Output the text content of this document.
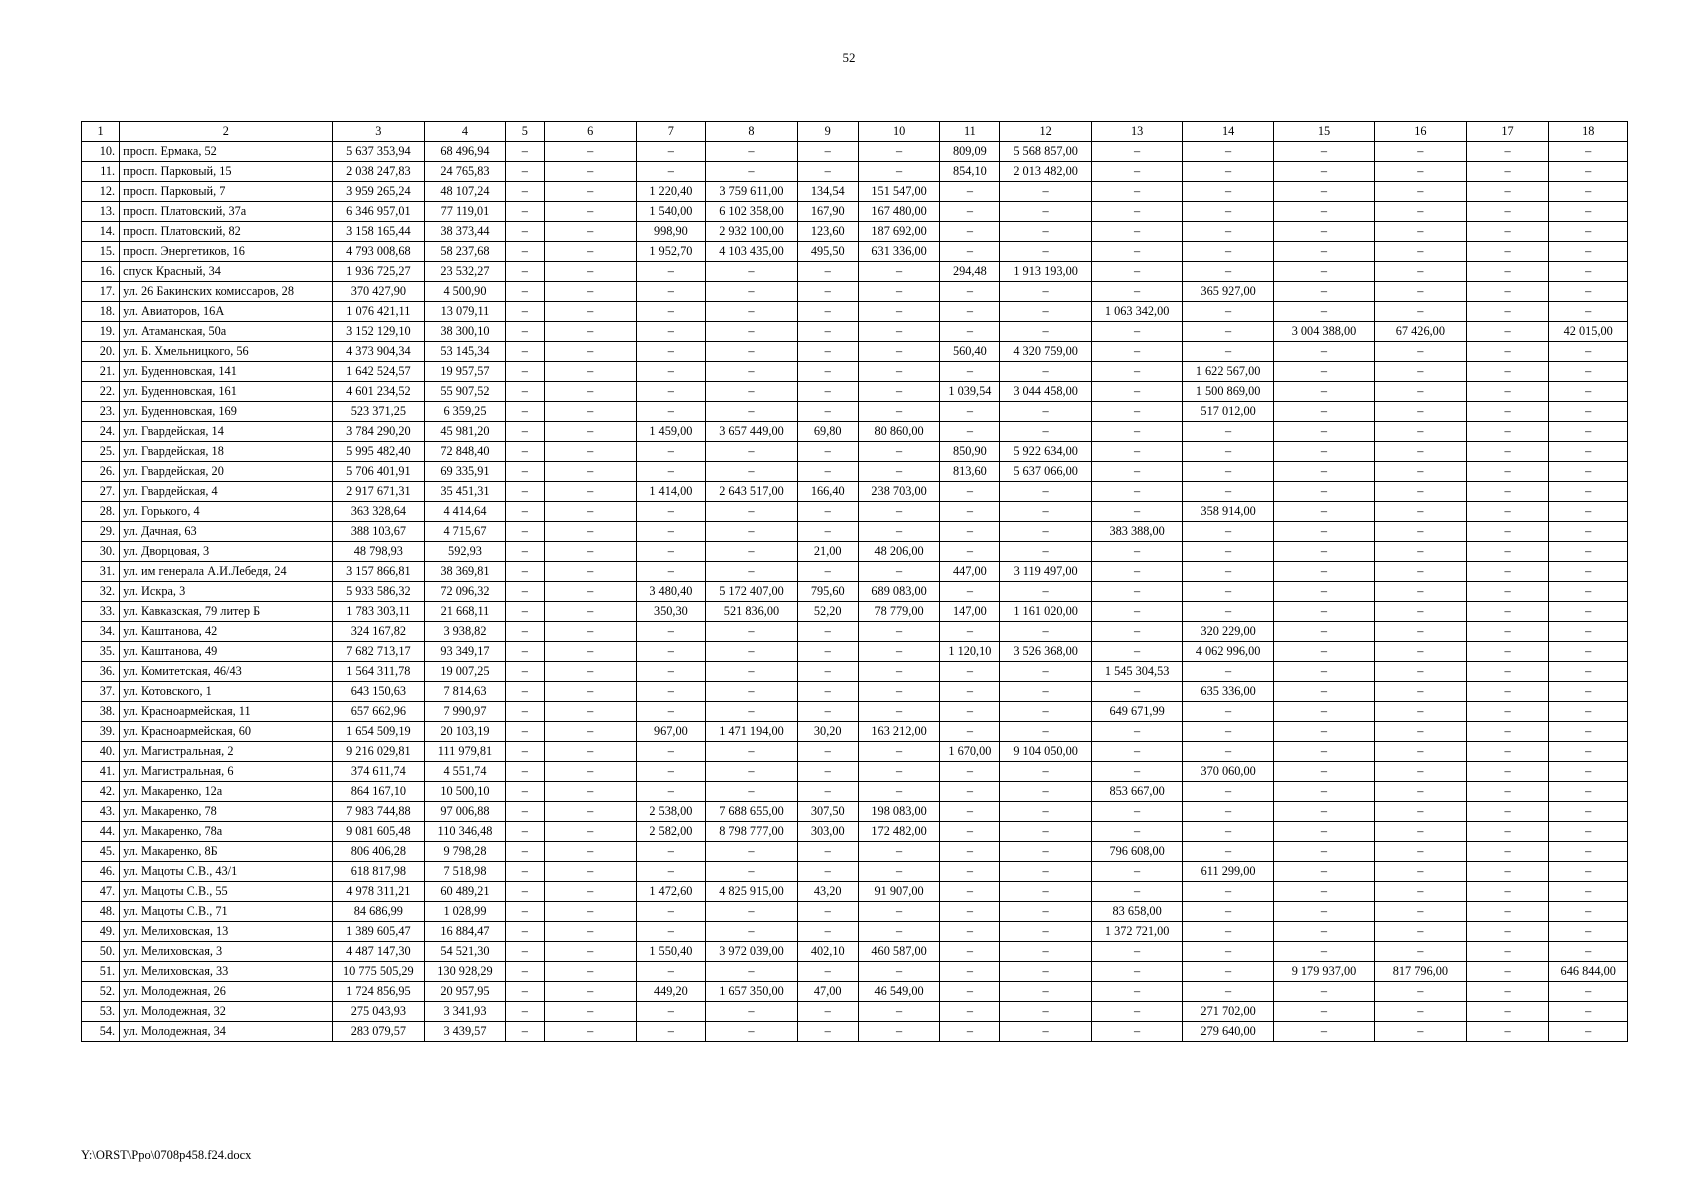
52
1	2	3	4	5	6	7	8	9	10	11	12	13	14	15	16	17	18
10.	просп. Ермака, 52	5 637 353,94	68 496,94	–	–	–	–	–	–	809,09	5 568 857,00	–	–	–	–	–	–
11.	просп. Парковый, 15	2 038 247,83	24 765,83	–	–	–	–	–	–	854,10	2 013 482,00	–	–	–	–	–	–
12.	просп. Парковый, 7	3 959 265,24	48 107,24	–	–	1 220,40	3 759 611,00	134,54	151 547,00	–	–	–	–	–	–	–	–
13.	просп. Платовский, 37а	6 346 957,01	77 119,01	–	–	1 540,00	6 102 358,00	167,90	167 480,00	–	–	–	–	–	–	–	–
14.	просп. Платовский, 82	3 158 165,44	38 373,44	–	–	998,90	2 932 100,00	123,60	187 692,00	–	–	–	–	–	–	–	–
15.	просп. Энергетиков, 16	4 793 008,68	58 237,68	–	–	1 952,70	4 103 435,00	495,50	631 336,00	–	–	–	–	–	–	–	–
16.	спуск Красный, 34	1 936 725,27	23 532,27	–	–	–	–	–	–	294,48	1 913 193,00	–	–	–	–	–	–
17.	ул. 26 Бакинских комиссаров, 28	370 427,90	4 500,90	–	–	–	–	–	–	–	–	–	365 927,00	–	–	–	–
18.	ул. Авиаторов, 16А	1 076 421,11	13 079,11	–	–	–	–	–	–	–	–	1 063 342,00	–	–	–	–	–
19.	ул. Атаманская, 50а	3 152 129,10	38 300,10	–	–	–	–	–	–	–	–	–	–	3 004 388,00	67 426,00	–	42 015,00
20.	ул. Б. Хмельницкого, 56	4 373 904,34	53 145,34	–	–	–	–	–	–	560,40	4 320 759,00	–	–	–	–	–	–
21.	ул. Буденновская, 141	1 642 524,57	19 957,57	–	–	–	–	–	–	–	–	–	1 622 567,00	–	–	–	–
22.	ул. Буденновская, 161	4 601 234,52	55 907,52	–	–	–	–	–	–	1 039,54	3 044 458,00	–	1 500 869,00	–	–	–	–
23.	ул. Буденновская, 169	523 371,25	6 359,25	–	–	–	–	–	–	–	–	–	517 012,00	–	–	–	–
24.	ул. Гвардейская, 14	3 784 290,20	45 981,20	–	–	1 459,00	3 657 449,00	69,80	80 860,00	–	–	–	–	–	–	–	–
25.	ул. Гвардейская, 18	5 995 482,40	72 848,40	–	–	–	–	–	–	850,90	5 922 634,00	–	–	–	–	–	–
26.	ул. Гвардейская, 20	5 706 401,91	69 335,91	–	–	–	–	–	–	813,60	5 637 066,00	–	–	–	–	–	–
27.	ул. Гвардейская, 4	2 917 671,31	35 451,31	–	–	1 414,00	2 643 517,00	166,40	238 703,00	–	–	–	–	–	–	–	–
28.	ул. Горького, 4	363 328,64	4 414,64	–	–	–	–	–	–	–	–	–	358 914,00	–	–	–	–
29.	ул. Дачная, 63	388 103,67	4 715,67	–	–	–	–	–	–	–	–	383 388,00	–	–	–	–	–
30.	ул. Дворцовая, 3	48 798,93	592,93	–	–	–	–	21,00	48 206,00	–	–	–	–	–	–	–	–
31.	ул. им генерала А.И.Лебедя, 24	3 157 866,81	38 369,81	–	–	–	–	–	–	447,00	3 119 497,00	–	–	–	–	–	–
32.	ул. Искра, 3	5 933 586,32	72 096,32	–	–	3 480,40	5 172 407,00	795,60	689 083,00	–	–	–	–	–	–	–	–
33.	ул. Кавказская, 79 литер Б	1 783 303,11	21 668,11	–	–	350,30	521 836,00	52,20	78 779,00	147,00	1 161 020,00	–	–	–	–	–	–
34.	ул. Каштанова, 42	324 167,82	3 938,82	–	–	–	–	–	–	–	–	–	320 229,00	–	–	–	–
35.	ул. Каштанова, 49	7 682 713,17	93 349,17	–	–	–	–	–	–	1 120,10	3 526 368,00	–	4 062 996,00	–	–	–	–
36.	ул. Комитетская, 46/43	1 564 311,78	19 007,25	–	–	–	–	–	–	–	–	1 545 304,53	–	–	–	–	–
37.	ул. Котовского, 1	643 150,63	7 814,63	–	–	–	–	–	–	–	–	–	635 336,00	–	–	–	–
38.	ул. Красноармейская, 11	657 662,96	7 990,97	–	–	–	–	–	–	–	–	649 671,99	–	–	–	–	–
39.	ул. Красноармейская, 60	1 654 509,19	20 103,19	–	–	967,00	1 471 194,00	30,20	163 212,00	–	–	–	–	–	–	–	–
40.	ул. Магистральная, 2	9 216 029,81	111 979,81	–	–	–	–	–	–	1 670,00	9 104 050,00	–	–	–	–	–	–
41.	ул. Магистральная, 6	374 611,74	4 551,74	–	–	–	–	–	–	–	–	–	370 060,00	–	–	–	–
42.	ул. Макаренко, 12а	864 167,10	10 500,10	–	–	–	–	–	–	–	–	853 667,00	–	–	–	–	–
43.	ул. Макаренко, 78	7 983 744,88	97 006,88	–	–	2 538,00	7 688 655,00	307,50	198 083,00	–	–	–	–	–	–	–	–
44.	ул. Макаренко, 78а	9 081 605,48	110 346,48	–	–	2 582,00	8 798 777,00	303,00	172 482,00	–	–	–	–	–	–	–	–
45.	ул. Макаренко, 8Б	806 406,28	9 798,28	–	–	–	–	–	–	–	–	796 608,00	–	–	–	–	–
46.	ул. Мацоты С.В., 43/1	618 817,98	7 518,98	–	–	–	–	–	–	–	–	–	611 299,00	–	–	–	–
47.	ул. Мацоты С.В., 55	4 978 311,21	60 489,21	–	–	1 472,60	4 825 915,00	43,20	91 907,00	–	–	–	–	–	–	–	–
48.	ул. Мацоты С.В., 71	84 686,99	1 028,99	–	–	–	–	–	–	–	–	83 658,00	–	–	–	–	–
49.	ул. Мелиховская, 13	1 389 605,47	16 884,47	–	–	–	–	–	–	–	–	1 372 721,00	–	–	–	–	–
50.	ул. Мелиховская, 3	4 487 147,30	54 521,30	–	–	1 550,40	3 972 039,00	402,10	460 587,00	–	–	–	–	–	–	–	–
51.	ул. Мелиховская, 33	10 775 505,29	130 928,29	–	–	–	–	–	–	–	–	–	–	9 179 937,00	817 796,00	–	646 844,00
52.	ул. Молодежная, 26	1 724 856,95	20 957,95	–	–	449,20	1 657 350,00	47,00	46 549,00	–	–	–	–	–	–	–	–
53.	ул. Молодежная, 32	275 043,93	3 341,93	–	–	–	–	–	–	–	–	–	271 702,00	–	–	–	–
54.	ул. Молодежная, 34	283 079,57	3 439,57	–	–	–	–	–	–	–	–	–	279 640,00	–	–	–	–
Y:\ORST\Ppo\0708p458.f24.docx
